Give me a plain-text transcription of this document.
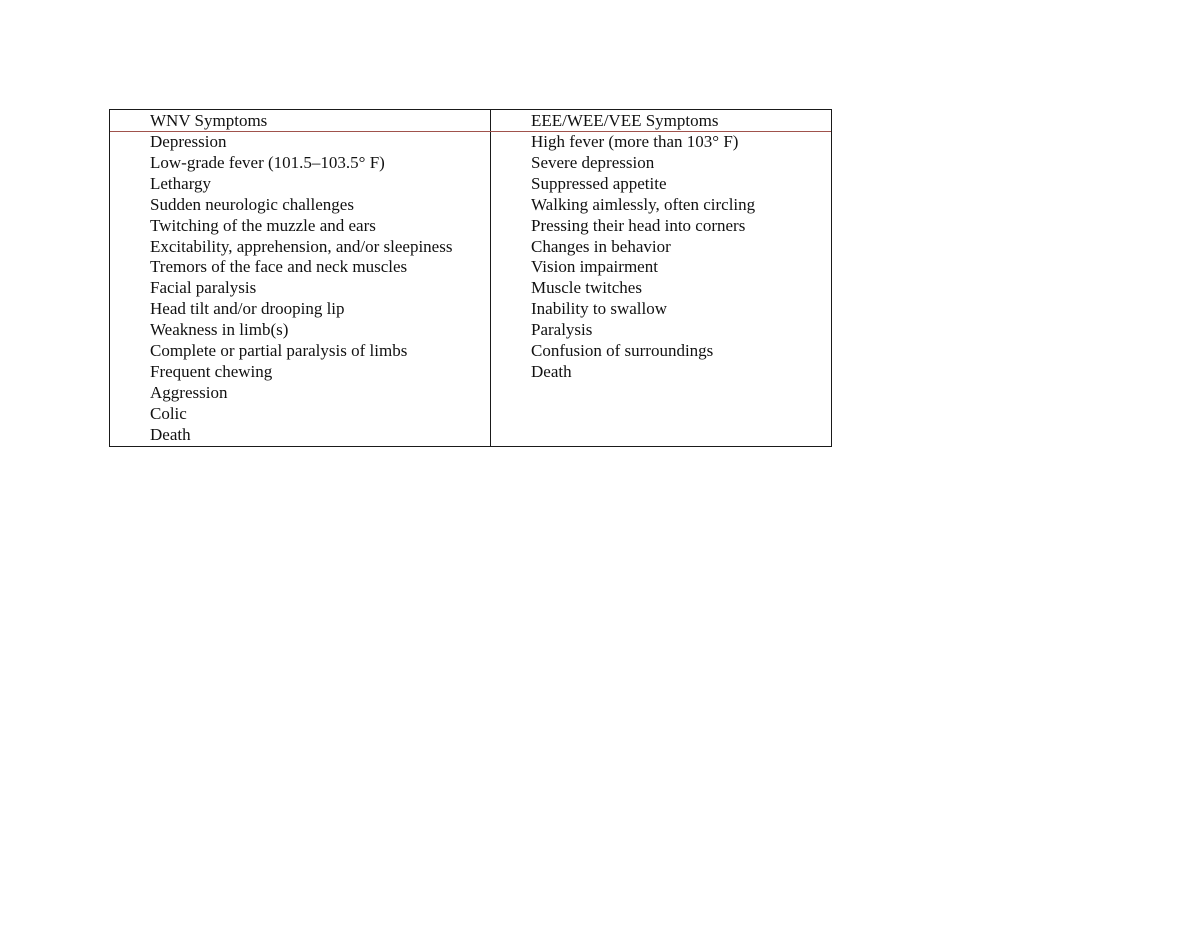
WNV Symptoms
Depression
Low-grade fever (101.5–103.5° F)
Lethargy
Sudden neurologic challenges
Twitching of the muzzle and ears
Excitability, apprehension, and/or sleepiness
Tremors of the face and neck muscles
Facial paralysis
Head tilt and/or drooping lip
Weakness in limb(s)
Complete or partial paralysis of limbs
Frequent chewing
Aggression
Colic
Death
EEE/WEE/VEE Symptoms
High fever (more than 103° F)
Severe depression
Suppressed appetite
Walking aimlessly, often circling
Pressing their head into corners
Changes in behavior
Vision impairment
Muscle twitches
Inability to swallow
Paralysis
Confusion of surroundings
Death
